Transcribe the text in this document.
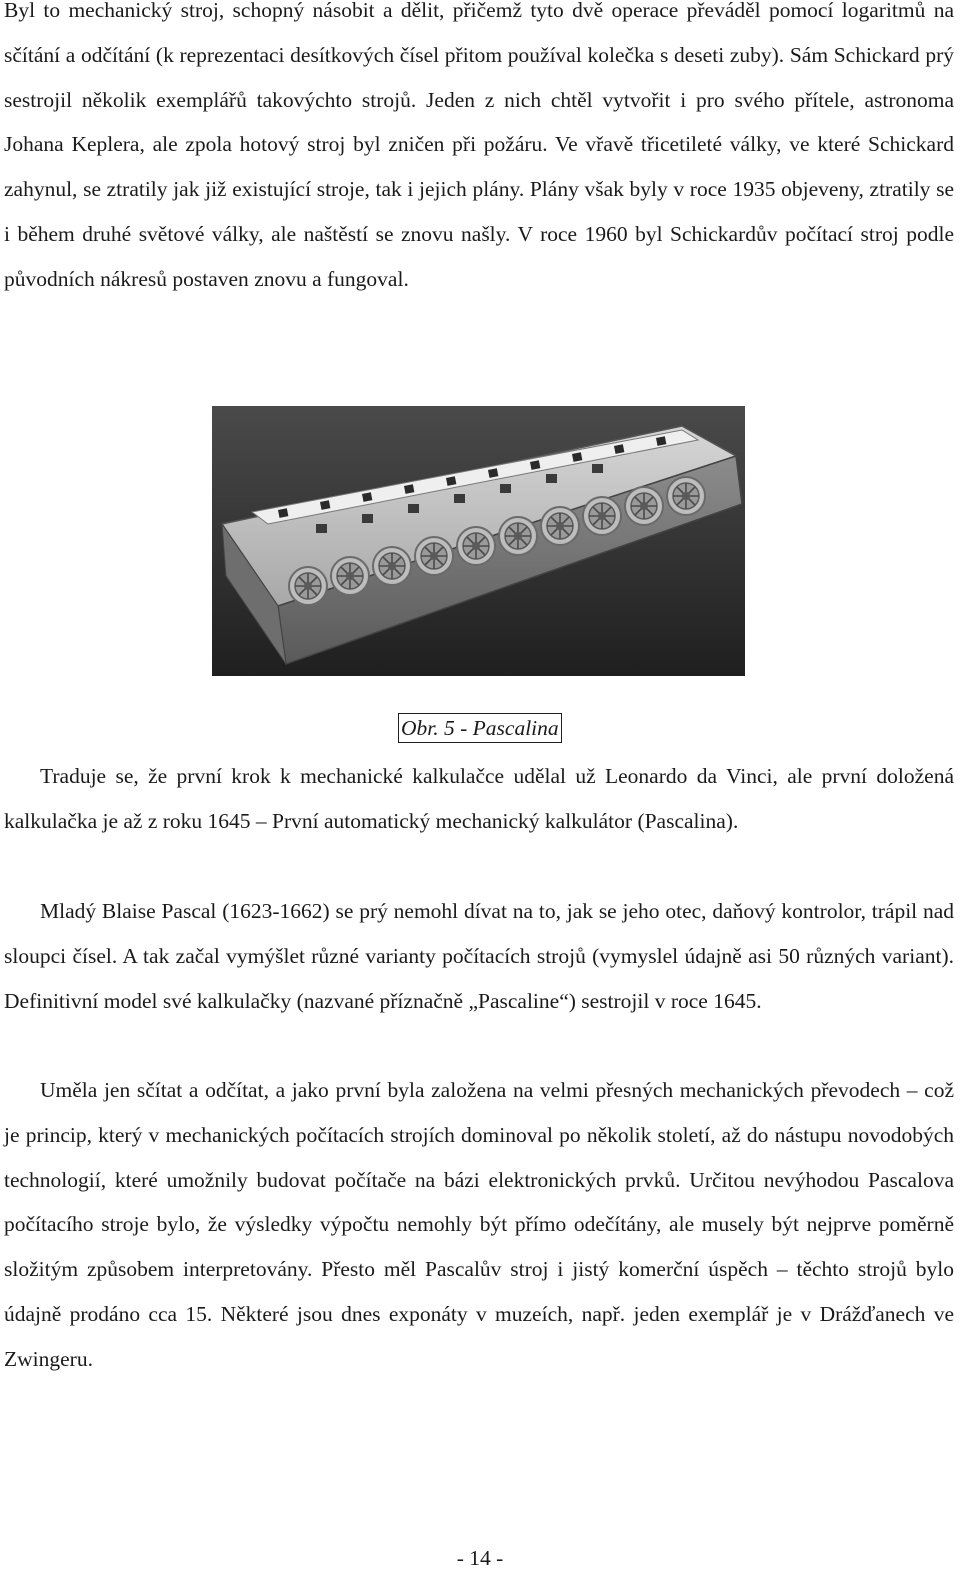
Byl to mechanický stroj, schopný násobit a dělit, přičemž tyto dvě operace převáděl pomocí logaritmů na sčítání a odčítání (k reprezentaci desítkových čísel přitom používal kolečka s deseti zuby). Sám Schickard prý sestrojil několik exemplářů takovýchto strojů. Jeden z nich chtěl vytvořit i pro svého přítele, astronoma Johana Keplera, ale zpola hotový stroj byl zničen při požáru. Ve vřavě třicetileté války, ve které Schickard zahynul, se ztratily jak již existující stroje, tak i jejich plány. Plány však byly v roce 1935 objeveny, ztratily se i během druhé světové války, ale naštěstí se znovu našly. V roce 1960 byl Schickardův počítací stroj podle původních nákresů postaven znovu a fungoval.

Obr. 5 - Pascalina

Traduje se, že první krok k mechanické kalkulačce udělal už Leonardo da Vinci, ale první doložená kalkulačka je až z roku 1645 – První automatický mechanický kalkulátor (Pascalina).

Mladý Blaise Pascal (1623-1662) se prý nemohl dívat na to, jak se jeho otec, daňový kontrolor, trápil nad sloupci čísel. A tak začal vymýšlet různé varianty počítacích strojů (vymyslel údajně asi 50 různých variant). Definitivní model své kalkulačky (nazvané příznačně „Pascaline“) sestrojil v roce 1645.

Uměla jen sčítat a odčítat, a jako první byla založena na velmi přesných mechanických převodech – což je princip, který v mechanických počítacích strojích dominoval po několik století, až do nástupu novodobých technologií, které umožnily budovat počítače na bázi elektronických prvků. Určitou nevýhodou Pascalova počítacího stroje bylo, že výsledky výpočtu nemohly být přímo odečítány, ale musely být nejprve poměrně složitým způsobem interpretovány. Přesto měl Pascalův stroj i jistý komerční úspěch – těchto strojů bylo údajně prodáno cca 15. Některé jsou dnes exponáty v muzeích, např. jeden exemplář je v Drážďanech ve Zwingeru.

- 14 -
